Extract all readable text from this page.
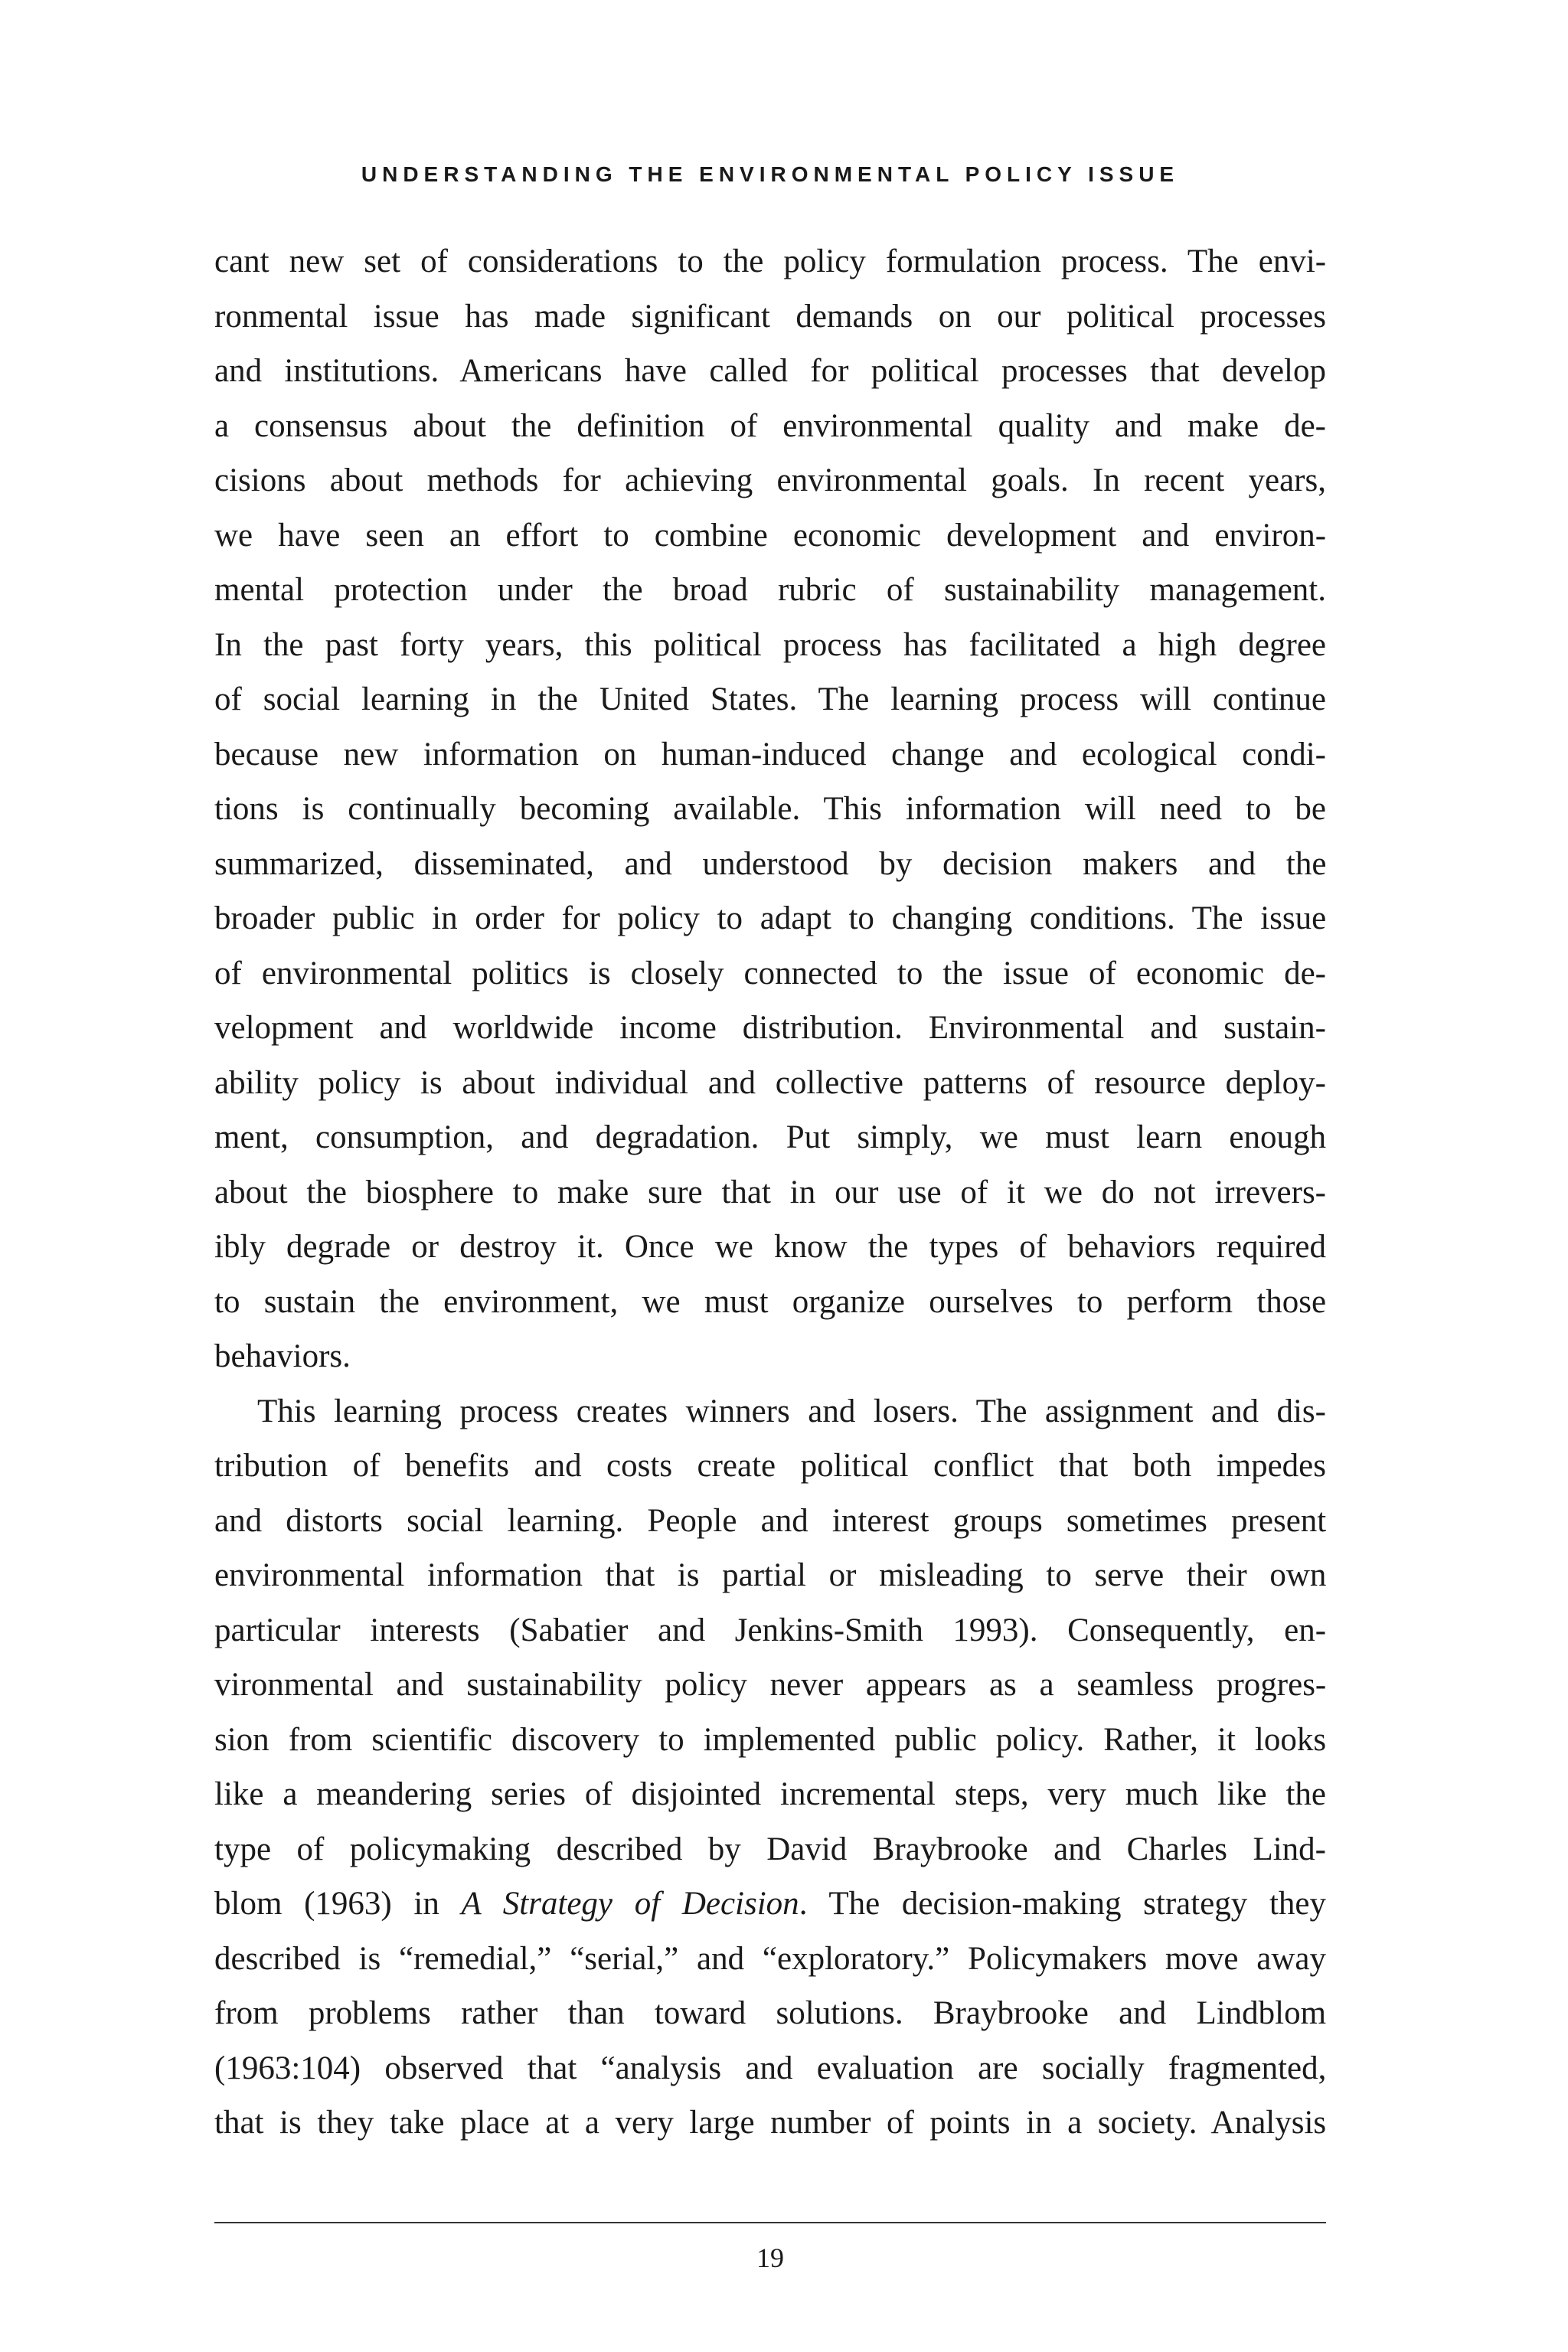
UNDERSTANDING THE ENVIRONMENTAL POLICY ISSUE
cant new set of considerations to the policy formulation process. The envi-
ronmental issue has made significant demands on our political processes
and institutions. Americans have called for political processes that develop
a consensus about the definition of environmental quality and make de-
cisions about methods for achieving environmental goals. In recent years,
we have seen an effort to combine economic development and environ-
mental protection under the broad rubric of sustainability management.
In the past forty years, this political process has facilitated a high degree
of social learning in the United States. The learning process will continue
because new information on human-induced change and ecological condi-
tions is continually becoming available. This information will need to be
summarized, disseminated, and understood by decision makers and the
broader public in order for policy to adapt to changing conditions. The issue
of environmental politics is closely connected to the issue of economic de-
velopment and worldwide income distribution. Environmental and sustain-
ability policy is about individual and collective patterns of resource deploy-
ment, consumption, and degradation. Put simply, we must learn enough
about the biosphere to make sure that in our use of it we do not irrevers-
ibly degrade or destroy it. Once we know the types of behaviors required
to sustain the environment, we must organize ourselves to perform those
behaviors.
This learning process creates winners and losers. The assignment and dis-
tribution of benefits and costs create political conflict that both impedes
and distorts social learning. People and interest groups sometimes present
environmental information that is partial or misleading to serve their own
particular interests (Sabatier and Jenkins-Smith 1993). Consequently, en-
vironmental and sustainability policy never appears as a seamless progres-
sion from scientific discovery to implemented public policy. Rather, it looks
like a meandering series of disjointed incremental steps, very much like the
type of policymaking described by David Braybrooke and Charles Lind-
blom (1963) in A Strategy of Decision. The decision-making strategy they
described is “remedial,” “serial,” and “exploratory.” Policymakers move away
from problems rather than toward solutions. Braybrooke and Lindblom
(1963:104) observed that “analysis and evaluation are socially fragmented,
that is they take place at a very large number of points in a society. Analysis
19
